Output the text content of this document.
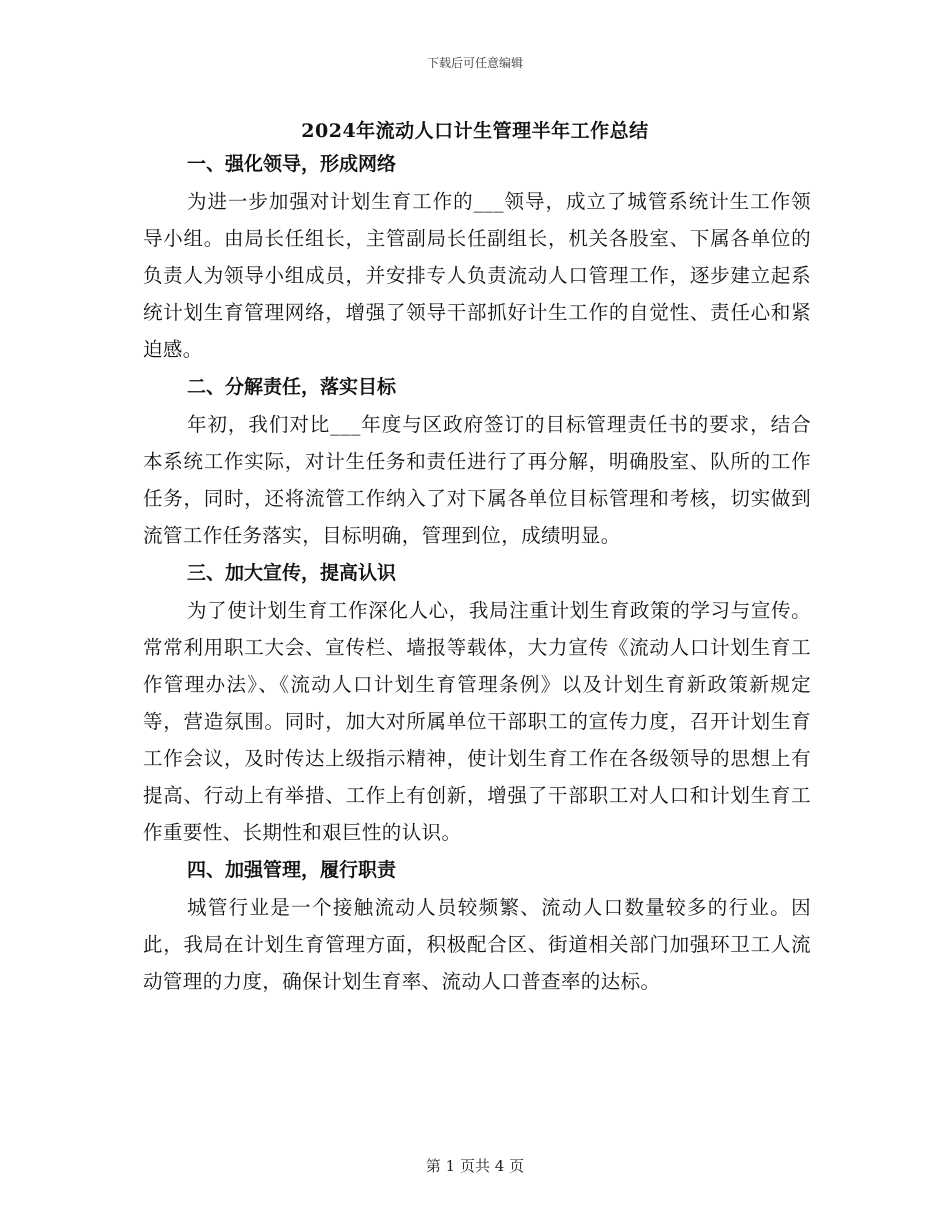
下载后可任意编辑
2024年流动人口计生管理半年工作总结

一、强化领导，形成网络

为进一步加强对计划生育工作的___领导，成立了城管系统计生工作领导小组。由局长任组长，主管副局长任副组长，机关各股室、下属各单位的负责人为领导小组成员，并安排专人负责流动人口管理工作，逐步建立起系统计划生育管理网络，增强了领导干部抓好计生工作的自觉性、责任心和紧迫感。

二、分解责任，落实目标

年初，我们对比___年度与区政府签订的目标管理责任书的要求，结合本系统工作实际，对计生任务和责任进行了再分解，明确股室、队所的工作任务，同时，还将流管工作纳入了对下属各单位目标管理和考核，切实做到流管工作任务落实，目标明确，管理到位，成绩明显。

三、加大宣传，提高认识

为了使计划生育工作深化人心，我局注重计划生育政策的学习与宣传。常常利用职工大会、宣传栏、墙报等载体，大力宣传《流动人口计划生育工作管理办法》、《流动人口计划生育管理条例》以及计划生育新政策新规定等，营造氛围。同时，加大对所属单位干部职工的宣传力度，召开计划生育工作会议，及时传达上级指示精神，使计划生育工作在各级领导的思想上有提高、行动上有举措、工作上有创新，增强了干部职工对人口和计划生育工作重要性、长期性和艰巨性的认识。

四、加强管理，履行职责

城管行业是一个接触流动人员较频繁、流动人口数量较多的行业。因此，我局在计划生育管理方面，积极配合区、街道相关部门加强环卫工人流动管理的力度，确保计划生育率、流动人口普查率的达标。

第 1 页共 4 页
